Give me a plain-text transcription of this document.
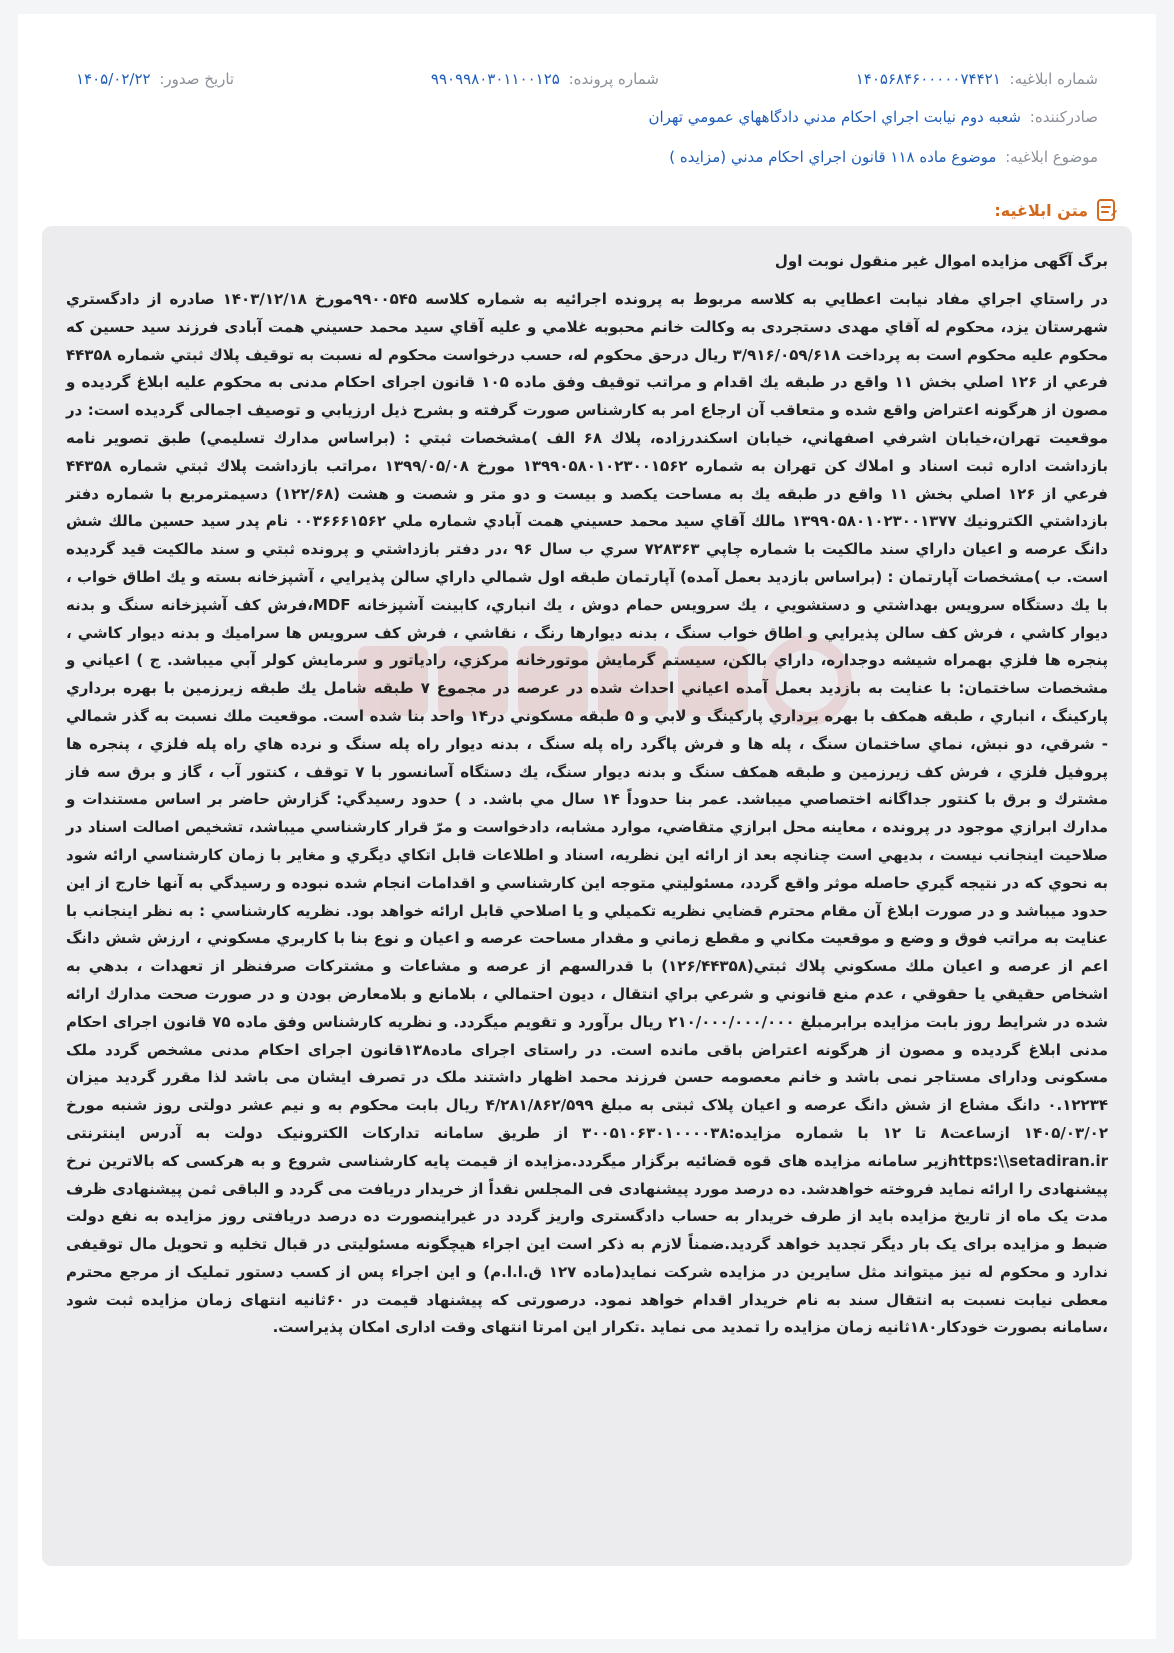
شماره ابلاغیه: ۱۴۰۵۶۸۴۶۰۰۰۰۰۷۴۴۲۱
شماره پرونده: ۹۹۰۹۹۸۰۳۰۱۱۰۰۱۲۵
تاریخ صدور: ۱۴۰۵/۰۲/۲۲
صادرکننده: شعبه دوم نيابت اجراي احكام مدني دادگاههاي عمومي تهران
موضوع ابلاغیه: موضوع ماده ۱۱۸ قانون اجراي احكام مدني (مزايده )
متن ابلاغیه:
برگ آگهی مزایده اموال غیر منقول نوبت اول
در راستاي اجراي مفاد نيابت اعطايي به كلاسه مربوط به پرونده اجرائيه به شماره كلاسه ۹۹۰۰۵۴۵مورخ ۱۴۰۳/۱۲/۱۸ صادره از دادگستري شهرستان يزد، محکوم له آقاي مهدی دستجردی به وکالت خانم محبوبه غلامي و عليه آقاي سيد محمد حسيني همت آبادی فرزند سيد حسين كه محکوم عليه محکوم است به پرداخت ۳/۹۱۶/۰۵۹/۶۱۸ ريال درحق محکوم له، حسب درخواست محكوم له نسبت به توقيف پلاك ثبتي شماره ۴۴۳۵۸ فرعي از ۱۲۶ اصلي بخش ۱۱ واقع در طبقه يك اقدام و مراتب توقيف وفق ماده ۱۰۵ قانون اجرای احکام مدنی به محکوم عليه ابلاغ گرديده و مصون از هرگونه اعتراض واقع شده و متعاقب آن ارجاع امر به كارشناس صورت گرفته و بشرح ذيل ارزيابي و توصيف اجمالی گرديده است: در موقعيت تهران،خيابان اشرفي اصفهاني، خيابان اسكندرزاده، پلاك ۶۸ الف )مشخصات ثبتي : (براساس مدارك تسليمي) طبق تصوير نامه بازداشت اداره ثبت اسناد و املاك كن تهران به شماره ۱۳۹۹۰۵۸۰۱۰۲۳۰۰۱۵۶۲ مورخ ۱۳۹۹/۰۵/۰۸ ،مراتب بازداشت پلاك ثبتي شماره ۴۴۳۵۸ فرعي از ۱۲۶ اصلي بخش ۱۱ واقع در طبقه يك به مساحت يكصد و بيست و دو متر و شصت و هشت (۱۲۲/۶۸) دسيمترمربع با شماره دفتر بازداشتي الكترونيك ۱۳۹۹۰۵۸۰۱۰۲۳۰۰۱۳۷۷ مالك آقاي سيد محمد حسيني همت آبادي شماره ملي ۰۰۳۶۶۶۱۵۶۲ نام پدر سيد حسين مالك شش دانگ عرصه و اعيان داراي سند مالكيت با شماره چاپي ۷۲۸۳۶۳ سري ب سال ۹۶ ،در دفتر بازداشتي و پرونده ثبتي و سند مالكيت قيد گرديده است. ب )مشخصات آپارتمان : (براساس بازديد بعمل آمده) آپارتمان طبقه اول شمالي داراي سالن پذيرايي ، آشپزخانه بسته و يك اطاق خواب ، با يك دستگاه سرويس بهداشتي و دستشويي ، يك سرويس حمام دوش ، يك انباري، كابينت آشپزخانه MDF،فرش كف آشپزخانه سنگ و بدنه ديوار كاشي ، فرش كف سالن پذيرايي و اطاق خواب سنگ ، بدنه ديوارها رنگ ، نقاشي ، فرش كف سرويس ها سراميك و بدنه ديوار كاشي ، پنجره ها فلزي بهمراه شيشه دوجداره، داراي بالكن، سيستم گرمايش موتورخانه مركزي، رادياتور و سرمايش كولر آبي ميباشد. ج ) اعياني و مشخصات ساختمان: با عنايت به بازديد بعمل آمده اعياني احداث شده در عرصه در مجموع ۷ طبقه شامل يك طبقه زيرزمين با بهره برداري پاركينگ ، انباري ، طبقه همكف با بهره برداري پاركينگ و لابي و ۵ طبقه مسكوني در۱۴ واحد بنا شده است. موقعيت ملك نسبت به گذر شمالي - شرقي، دو نبش، نماي ساختمان سنگ ، پله ها و فرش پاگرد راه پله سنگ ، بدنه ديوار راه پله سنگ و نرده هاي راه پله فلزي ، پنجره ها پروفيل فلزي ، فرش كف زيرزمين و طبقه همكف سنگ و بدنه ديوار سنگ، يك دستگاه آسانسور با ۷ توقف ، كنتور آب ، گاز و برق سه فاز مشترك و برق با كنتور جداگانه اختصاصي ميباشد. عمر بنا حدوداً ۱۴ سال مي باشد. د ) حدود رسيدگي: گزارش حاضر بر اساس مستندات و مدارك ابرازي موجود در پرونده ، معاينه محل ابرازي متقاضي، موارد مشابه، دادخواست و مرّ قرار كارشناسي ميباشد، تشخيص اصالت اسناد در صلاحيت اينجانب نيست ، بديهي است چنانچه بعد از ارائه اين نظريه، اسناد و اطلاعات قابل اتكاي ديگري و مغاير با زمان كارشناسي ارائه شود به نحوي كه در نتيجه گيري حاصله موثر واقع گردد، مسئوليتي متوجه اين كارشناسي و اقدامات انجام شده نبوده و رسيدگي به آنها خارج از اين حدود ميباشد و در صورت ابلاغ آن مقام محترم قضايي نظريه تكميلي و يا اصلاحي قابل ارائه خواهد بود. نظريه كارشناسي : به نظر اينجانب با عنايت به مراتب فوق و وضع و موقعيت مكاني و مقطع زماني و مقدار مساحت عرصه و اعيان و نوع بنا با كاربري مسكوني ، ارزش شش دانگ اعم از عرصه و اعيان ملك مسكوني پلاك ثبتي(۱۲۶/۴۴۳۵۸) با قدرالسهم از عرصه و مشاعات و مشتركات صرفنظر از تعهدات ، بدهي به اشخاص حقيقي يا حقوقي ، عدم منع قانوني و شرعي براي انتقال ، ديون احتمالي ، بلامانع و بلامعارض بودن و در صورت صحت مدارك ارائه شده در شرايط روز بابت مزايده برابرمبلغ ۲۱۰/۰۰۰/۰۰۰/۰۰۰ ريال برآورد و تقويم ميگردد. و نظریه کارشناس وفق ماده ۷۵ قانون اجرای احکام مدنی ابلاغ گردیده و مصون از هرگونه اعتراض باقی مانده است. در راستای اجرای ماده۱۳۸قانون اجرای احکام مدنی مشخص گردد ملک مسکونی ودارای مستاجر نمی باشد و خانم معصومه حسن فرزند محمد اظهار داشتند ملک در تصرف ایشان می باشد لذا مقرر گردید میزان ۰.۱۲۲۳۴ دانگ مشاع از شش دانگ عرصه و اعیان پلاک ثبتی به مبلغ ۴/۲۸۱/۸۶۲/۵۹۹ ریال بابت محکوم به و نیم عشر دولتی روز شنبه مورخ ۱۴۰۵/۰۳/۰۲ ازساعت۸ تا ۱۲ با شماره مزایده:۳۰۰۵۱۰۶۳۰۱۰۰۰۰۳۸ از طریق سامانه تدارکات الکترونیک دولت به آدرس اینترنتی https:\\setadiran.irزیر سامانه مزایده های قوه قضائیه برگزار میگردد.مزایده از قیمت پایه کارشناسی شروع و به هرکسی که بالاترین نرخ پیشنهادی را ارائه نماید فروخته خواهدشد. ده درصد مورد پیشنهادی فی المجلس نقداً از خریدار دریافت می گردد و الباقی ثمن پیشنهادی ظرف مدت یک ماه از تاریخ مزایده باید از طرف خریدار به حساب دادگستری واریز گردد در غیراینصورت ده درصد دریافتی روز مزایده به نفع دولت ضبط و مزایده برای یک بار دیگر تجدید خواهد گردید.ضمناً لازم به ذکر است این اجراء هیچگونه مسئولیتی در قبال تخلیه و تحویل مال توقیفی ندارد و محکوم له نیز میتواند مثل سایرین در مزایده شرکت نماید(ماده ۱۲۷ ق.ا.ا.م) و این اجراء پس از کسب دستور تملیک از مرجع محترم معطی نیابت نسبت به انتقال سند به نام خریدار اقدام خواهد نمود. درصورتی که پیشنهاد قیمت در ۶۰ثانیه انتهای زمان مزایده ثبت شود ،سامانه بصورت خودکار۱۸۰ثانیه زمان مزایده را تمدید می نماید .تکرار این امرتا انتهای وقت اداری امکان پذیراست.
